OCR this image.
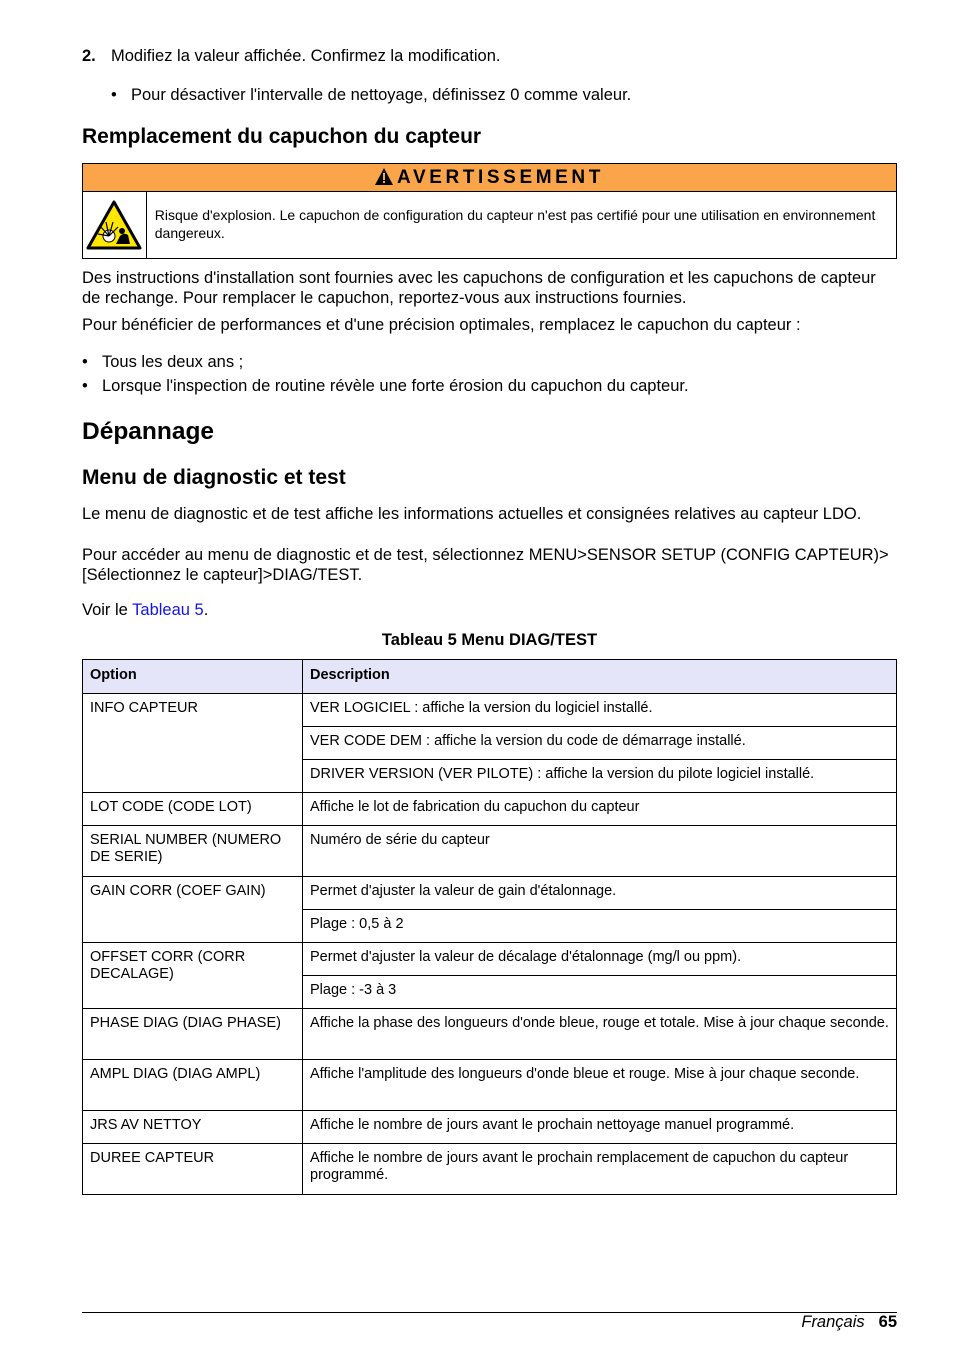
2. Modifiez la valeur affichée. Confirmez la modification.
• Pour désactiver l'intervalle de nettoyage, définissez 0 comme valeur.
Remplacement du capuchon du capteur
AVERTISSEMENT
Risque d'explosion. Le capuchon de configuration du capteur n'est pas certifié pour une utilisation en environnement dangereux.

Des instructions d'installation sont fournies avec les capuchons de configuration et les capuchons de capteur de rechange. Pour remplacer le capuchon, reportez-vous aux instructions fournies.

Pour bénéficier de performances et d'une précision optimales, remplacez le capuchon du capteur :

• Tous les deux ans ;
• Lorsque l'inspection de routine révèle une forte érosion du capuchon du capteur.
Dépannage
Menu de diagnostic et test

Le menu de diagnostic et de test affiche les informations actuelles et consignées relatives au capteur LDO.

Pour accéder au menu de diagnostic et de test, sélectionnez MENU>SENSOR SETUP (CONFIG CAPTEUR)>[Sélectionnez le capteur]>DIAG/TEST.

Voir le Tableau 5.

Tableau 5 Menu DIAG/TEST
Option	Description
INFO CAPTEUR	VER LOGICIEL : affiche la version du logiciel installé.
	VER CODE DEM : affiche la version du code de démarrage installé.
	DRIVER VERSION (VER PILOTE) : affiche la version du pilote logiciel installé.
LOT CODE (CODE LOT)	Affiche le lot de fabrication du capuchon du capteur
SERIAL NUMBER (NUMERO DE SERIE)	Numéro de série du capteur
GAIN CORR (COEF GAIN)	Permet d'ajuster la valeur de gain d'étalonnage.
	Plage : 0,5 à 2
OFFSET CORR (CORR DECALAGE)	Permet d'ajuster la valeur de décalage d'étalonnage (mg/l ou ppm).
	Plage : -3 à 3
PHASE DIAG (DIAG PHASE)	Affiche la phase des longueurs d'onde bleue, rouge et totale. Mise à jour chaque seconde.
AMPL DIAG (DIAG AMPL)	Affiche l'amplitude des longueurs d'onde bleue et rouge. Mise à jour chaque seconde.
JRS AV NETTOY	Affiche le nombre de jours avant le prochain nettoyage manuel programmé.
DUREE CAPTEUR	Affiche le nombre de jours avant le prochain remplacement de capuchon du capteur programmé.
Français 65
